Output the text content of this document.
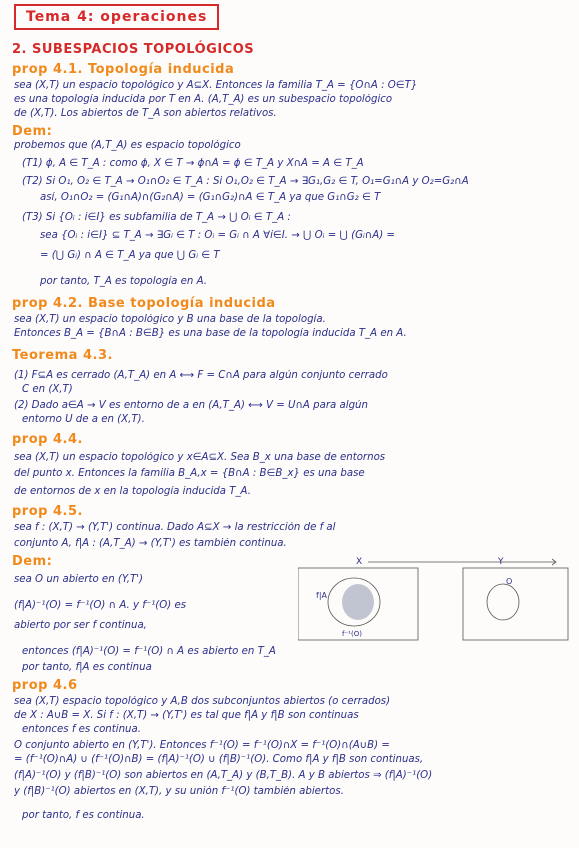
Tema 4: operaciones
2. SUBESPACIOS TOPOLÓGICOS
prop 4.1. Topología inducida
sea (X,T) un espacio topológico y A⊆X. Entonces la familia T_A = {O∩A : O∈T}
es una topología inducida por T en A. (A,T_A) es un subespacio topológico
de (X,T). Los abiertos de T_A son abiertos relativos.
Dem:
probemos que (A,T_A) es espacio topológico
(T1) ϕ, A ∈ T_A : como ϕ, X ∈ T → ϕ∩A = ϕ ∈ T_A y X∩A = A ∈ T_A
(T2) Si O₁, O₂ ∈ T_A → O₁∩O₂ ∈ T_A : Si O₁,O₂ ∈ T_A → ∃G₁,G₂ ∈ T, O₁=G₁∩A y O₂=G₂∩A
así, O₁∩O₂ = (G₁∩A)∩(G₂∩A) = (G₁∩G₂)∩A ∈ T_A ya que G₁∩G₂ ∈ T
(T3) Si {Oᵢ : i∈I} es subfamilia de T_A → ⋃ Oᵢ ∈ T_A :
sea {Oᵢ : i∈I} ⊆ T_A → ∃Gᵢ ∈ T : Oᵢ = Gᵢ ∩ A ∀i∈I. → ⋃ Oᵢ = ⋃ (Gᵢ∩A) =
= (⋃ Gᵢ) ∩ A ∈ T_A ya que ⋃ Gᵢ ∈ T
por tanto, T_A es topología en A.
prop 4.2. Base topología inducida
sea (X,T) un espacio topológico y B una base de la topología.
Entonces B_A = {B∩A : B∈B} es una base de la topología inducida T_A en A.
Teorema 4.3.
(1) F⊆A es cerrado (A,T_A) en A ⟷ F = C∩A para algún conjunto cerrado
C en (X,T)
(2) Dado a∈A → V es entorno de a en (A,T_A) ⟷ V = U∩A para algún
entorno U de a en (X,T).
prop 4.4.
sea (X,T) un espacio topológico y x∈A⊆X. Sea B_x una base de entornos
del punto x. Entonces la familia B_A,x = {B∩A : B∈B_x} es una base
de entornos de x en la topología inducida T_A.
prop 4.5.
sea f : (X,T) → (Y,T') continua. Dado A⊆X → la restricción de f al
conjunto A, f|A : (A,T_A) → (Y,T') es también continua.
Dem:
sea O un abierto en (Y,T')
(f|A)⁻¹(O) = f⁻¹(O) ∩ A. y f⁻¹(O) es
abierto por ser f continua,
entonces (f|A)⁻¹(O) = f⁻¹(O) ∩ A es abierto en T_A
por tanto, f|A es continua
X	Y
f|A
O
f⁻¹(O)
prop 4.6
sea (X,T) espacio topológico y A,B dos subconjuntos abiertos (o cerrados)
de X : A∪B = X. Si f : (X,T) → (Y,T') es tal que f|A y f|B son continuas
entonces f es continua.
O conjunto abierto en (Y,T'). Entonces f⁻¹(O) = f⁻¹(O)∩X = f⁻¹(O)∩(A∪B) =
= (f⁻¹(O)∩A) ∪ (f⁻¹(O)∩B) = (f|A)⁻¹(O) ∪ (f|B)⁻¹(O). Como f|A y f|B son continuas,
(f|A)⁻¹(O) y (f|B)⁻¹(O) son abiertos en (A,T_A) y (B,T_B). A y B abiertos ⇒ (f|A)⁻¹(O)
y (f|B)⁻¹(O) abiertos en (X,T), y su unión f⁻¹(O) también abiertos.
por tanto, f es continua.
